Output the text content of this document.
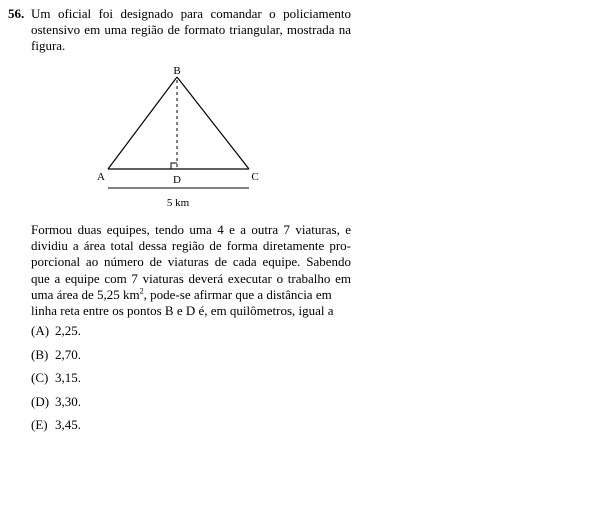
56. Um oficial foi designado para comandar o policiamento
ostensivo em uma região de formato triangular, mostrada na
figura.
B
A	C
D
5 km
Formou duas equipes, tendo uma 4 e a outra 7 viaturas, e
dividiu a área total dessa região de forma diretamente pro-
porcional ao número de viaturas de cada equipe. Sabendo
que a equipe com 7 viaturas deverá executar o trabalho em
uma área de 5,25 $km^2$, pode-se afirmar que a distância em
linha reta entre os pontos B e D é, em quilômetros, igual a
(A) 2,25.
(B) 2,70.
(C) 3,15.
(D) 3,30.
(E) 3,45.
